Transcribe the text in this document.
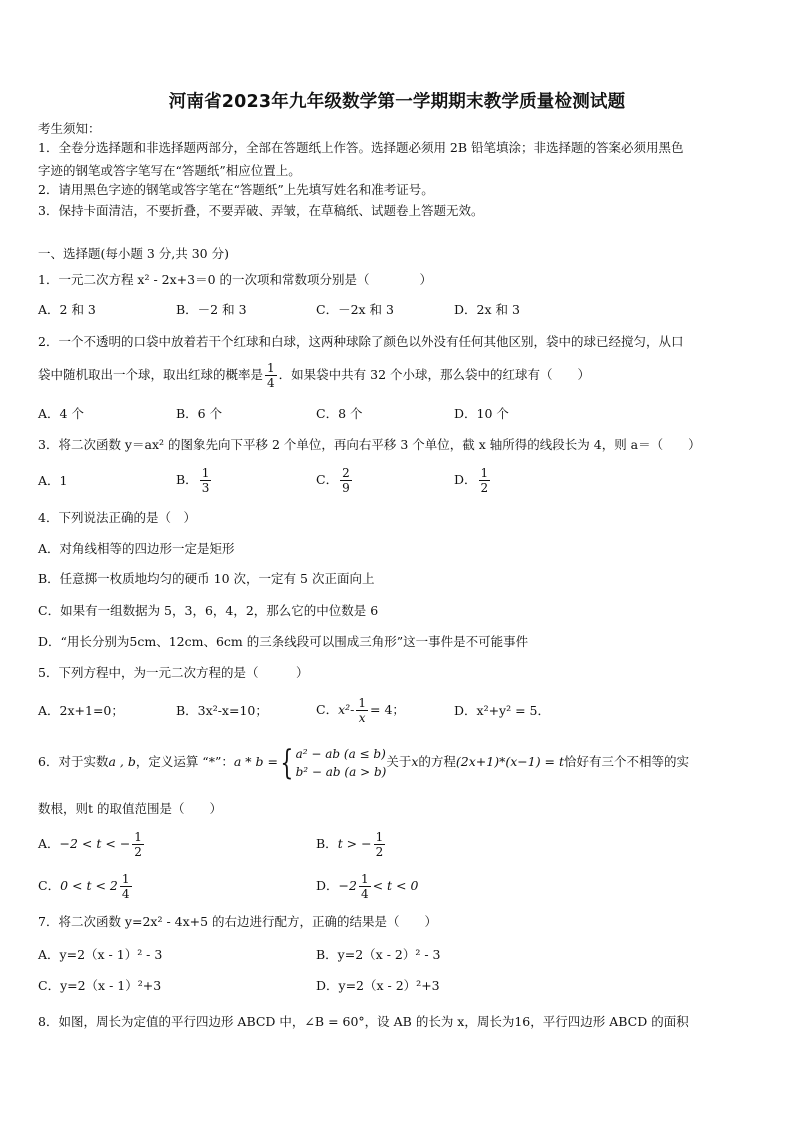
河南省2023年九年级数学第一学期期末教学质量检测试题
考生须知：
1．全卷分选择题和非选择题两部分，全部在答题纸上作答。选择题必须用 2B 铅笔填涂；非选择题的答案必须用黑色
字迹的钢笔或答字笔写在“答题纸”相应位置上。
2．请用黑色字迹的钢笔或答字笔在“答题纸”上先填写姓名和准考证号。
3．保持卡面清洁，不要折叠，不要弄破、弄皱，在草稿纸、试题卷上答题无效。
一、选择题(每小题 3 分,共 30 分)
1．一元二次方程 x² - 2x+3＝0 的一次项和常数项分别是（　　　　）
A．2 和 3	B．－2 和 3	C．－2x 和 3	D．2x 和 3
2．一个不透明的口袋中放着若干个红球和白球，这两种球除了颜色以外没有任何其他区别，袋中的球已经搅匀，从口
袋中随机取出一个球，取出红球的概率是 $\frac{1}{4}$ ．如果袋中共有 32 个小球，那么袋中的红球有（　　）
A．4 个	B．6 个	C．8 个	D．10 个
3．将二次函数 y＝ax² 的图象先向下平移 2 个单位，再向右平移 3 个单位，截 x 轴所得的线段长为 4，则 a＝（　　）
A．1	B． $\frac{1}{3}$	C． $\frac{2}{9}$	D． $\frac{1}{2}$
4．下列说法正确的是（　）
A．对角线相等的四边形一定是矩形
B．任意掷一枚质地均匀的硬币 10 次，一定有 5 次正面向上
C．如果有一组数据为 5，3，6，4，2，那么它的中位数是 6
D．“用长分别为5cm、12cm、6cm 的三条线段可以围成三角形”这一事件是不可能事件
5．下列方程中，为一元二次方程的是（　　　）
A．2x+1=0；	B．3x²-x=10；	C．$x^2- \frac{1}{x} = 4$；	D．x²+y² = 5．
6．对于实数a , b，定义运算 “*”：a * b ={ a² − ab (a ≤ b)
b² − ab (a > b)
关于x的方程(2x+1)*(x−1) = t恰好有三个不相等的实
数根，则t 的取值范围是（　　）
A．−2 < t < − $\frac{1}{2}$	B．t > − $\frac{1}{2}$
C．$0 < t < 2 \frac{1}{4}$	D．$-2 \frac{1}{4} < t < 0$
7．将二次函数 y=2x² - 4x+5 的右边进行配方，正确的结果是（　　）
A．y=2（x - 1）² - 3	B．y=2（x - 2）² - 3
C．y=2（x - 1）²+3	D．y=2（x - 2）²+3
8．如图，周长为定值的平行四边形 ABCD 中，∠B = 60°，设 AB 的长为 x，周长为16，平行四边形 ABCD 的面积
